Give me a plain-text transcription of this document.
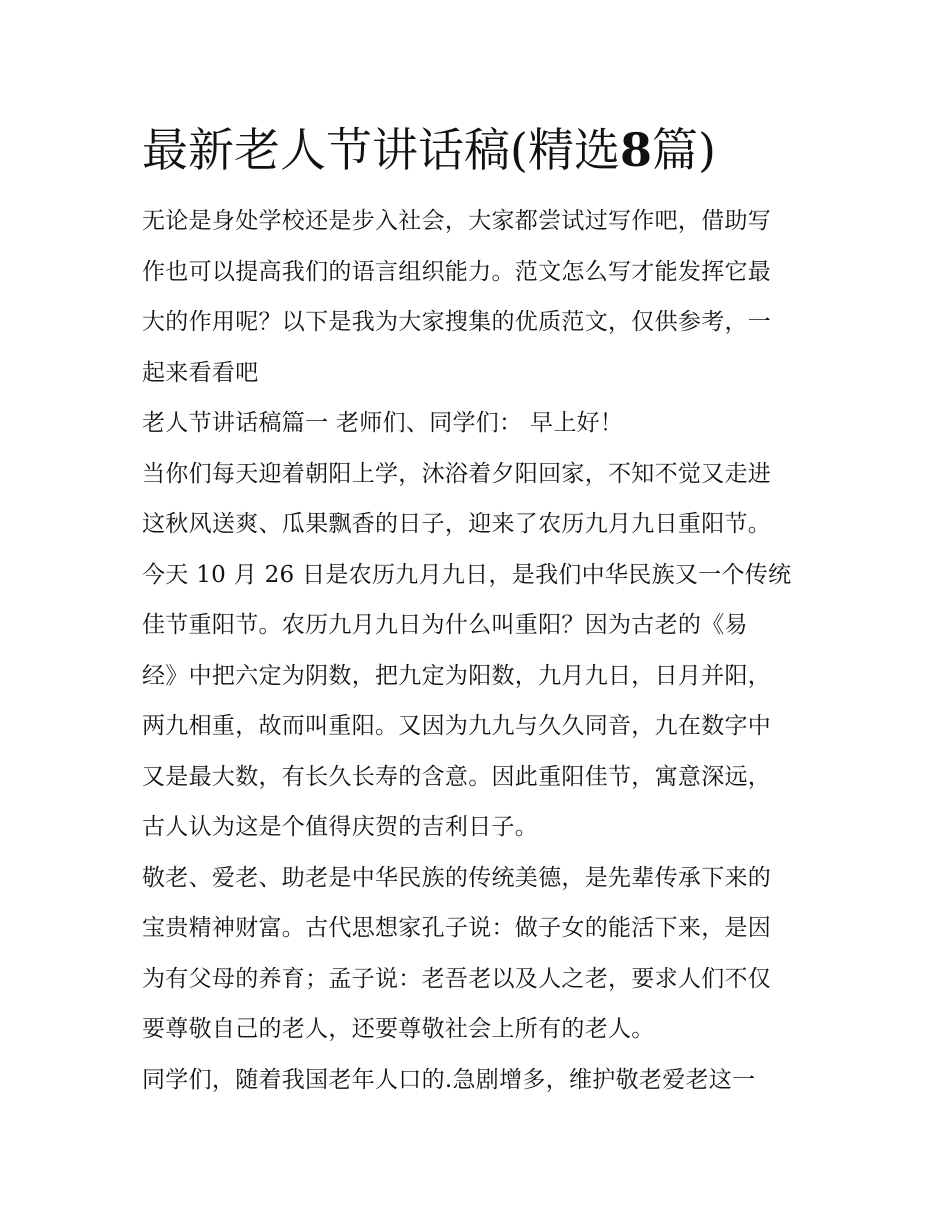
最新老人节讲话稿(精选8篇)

无论是身处学校还是步入社会，大家都尝试过写作吧，借助写
作也可以提高我们的语言组织能力。范文怎么写才能发挥它最
大的作用呢？以下是我为大家搜集的优质范文，仅供参考，一
起来看看吧

老人节讲话稿篇一 老师们、同学们： 早上好！

当你们每天迎着朝阳上学，沐浴着夕阳回家，不知不觉又走进
这秋风送爽、瓜果飘香的日子，迎来了农历九月九日重阳节。
今天 10 月 26 日是农历九月九日，是我们中华民族又一个传统
佳节重阳节。农历九月九日为什么叫重阳？因为古老的《易
经》中把六定为阴数，把九定为阳数，九月九日，日月并阳，
两九相重，故而叫重阳。又因为九九与久久同音，九在数字中
又是最大数，有长久长寿的含意。因此重阳佳节，寓意深远，
古人认为这是个值得庆贺的吉利日子。

敬老、爱老、助老是中华民族的传统美德，是先辈传承下来的
宝贵精神财富。古代思想家孔子说：做子女的能活下来，是因
为有父母的养育；孟子说：老吾老以及人之老，要求人们不仅
要尊敬自己的老人，还要尊敬社会上所有的老人。

同学们，随着我国老年人口的.急剧增多，维护敬老爱老这一
